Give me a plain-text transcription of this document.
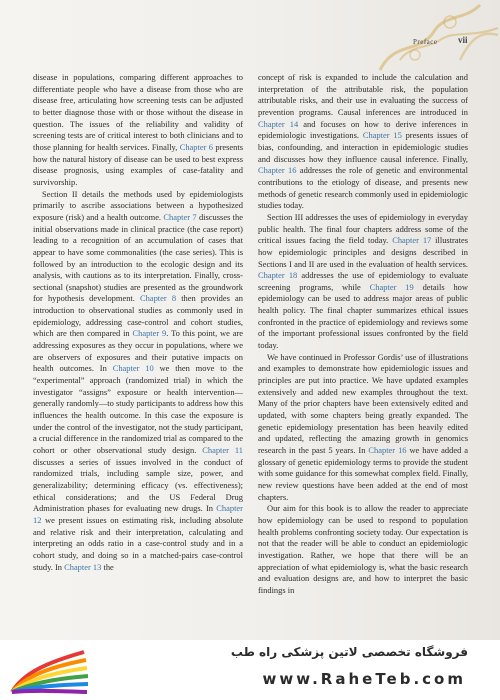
Preface vii

disease in populations, comparing different approaches to differentiate people who have a disease from those who are disease free, articulating how screening tests can be adjusted to better diagnose those with or those without the disease in question. The issues of the reliability and validity of screening tests are of critical interest to both clinicians and to those planning for health services. Finally, Chapter 6 presents how the natural history of disease can be used to best express disease prognosis, using examples of case-fatality and survivorship.

Section II details the methods used by epidemiologists primarily to ascribe associations between a hypothesized exposure (risk) and a health outcome. Chapter 7 discusses the initial observations made in clinical practice (the case report) leading to a recognition of an accumulation of cases that appear to have some commonalities (the case series). This is followed by an introduction to the ecologic design and its analysis, with cautions as to its interpretation. Finally, cross-sectional (snapshot) studies are presented as the groundwork for hypothesis development. Chapter 8 then provides an introduction to observational studies as commonly used in epidemiology, addressing case-control and cohort studies, which are then compared in Chapter 9. To this point, we are addressing exposures as they occur in populations, where we are observers of exposures and their putative impacts on health outcomes. In Chapter 10 we then move to the “experimental” approach (randomized trial) in which the investigator “assigns” exposure or health intervention—generally randomly—to study participants to address how this influences the health outcome. In this case the exposure is under the control of the investigator, not the study participant, a crucial difference in the randomized trial as compared to the cohort or other observational study design. Chapter 11 discusses a series of issues involved in the conduct of randomized trials, including sample size, power, and generalizability; determining efficacy (vs. effectiveness); ethical considerations; and the US Federal Drug Administration phases for evaluating new drugs. In Chapter 12 we present issues on estimating risk, including absolute and relative risk and their interpretation, calculating and interpreting an odds ratio in a case-control study and in a cohort study, and doing so in a matched-pairs case-control study. In Chapter 13 the

concept of risk is expanded to include the calculation and interpretation of the attributable risk, the population attributable risks, and their use in evaluating the success of prevention programs. Causal inferences are introduced in Chapter 14 and focuses on how to derive inferences in epidemiologic investigations. Chapter 15 presents issues of bias, confounding, and interaction in epidemiologic studies and discusses how they influence causal inference. Finally, Chapter 16 addresses the role of genetic and environmental contributions to the etiology of disease, and presents new methods of genetic research commonly used in epidemiologic studies today.

Section III addresses the uses of epidemiology in everyday public health. The final four chapters address some of the critical issues facing the field today. Chapter 17 illustrates how epidemiologic principles and designs described in Sections I and II are used in the evaluation of health services. Chapter 18 addresses the use of epidemiology to evaluate screening programs, while Chapter 19 details how epidemiology can be used to address major areas of public health policy. The final chapter summarizes ethical issues confronted in the practice of epidemiology and reviews some of the important professional issues confronted by the field today.

We have continued in Professor Gordis’ use of illustrations and examples to demonstrate how epidemiologic issues and principles are put into practice. We have updated examples extensively and added new examples throughout the text. Many of the prior chapters have been extensively edited and updated, with some chapters being greatly expanded. The genetic epidemiology presentation has been heavily edited and updated, reflecting the amazing growth in genomics research in the past 5 years. In Chapter 16 we have added a glossary of genetic epidemiology terms to provide the student with some guidance for this somewhat complex field. Finally, new review questions have been added at the end of most chapters.

Our aim for this book is to allow the reader to appreciate how epidemiology can be used to respond to population health problems confronting society today. Our expectation is not that the reader will be able to conduct an epidemiologic investigation. Rather, we hope that there will be an appreciation of what epidemiology is, what the basic research and evaluation designs are, and how to interpret the basic findings in

فروشگاه تخصصی لاتین پزشکی راه طب
www.RaheTeb.com
